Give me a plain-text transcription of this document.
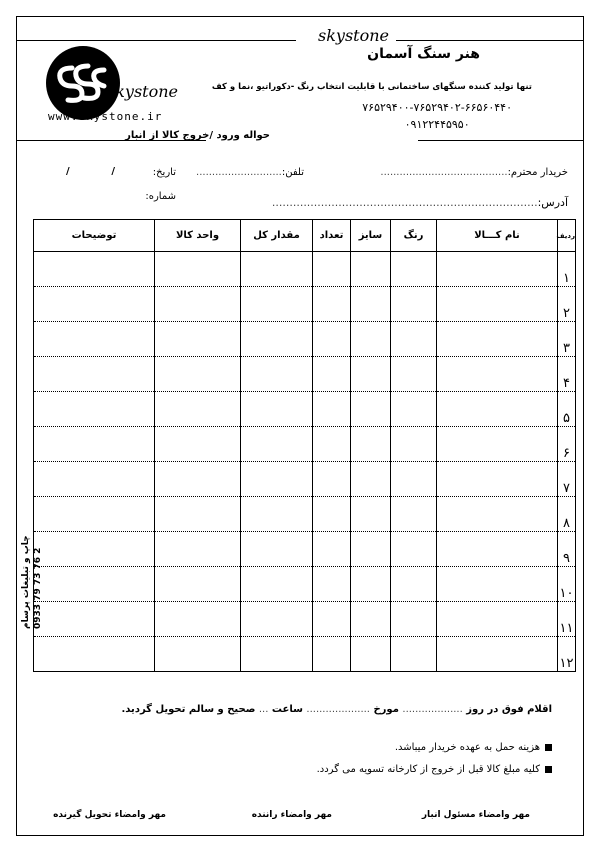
skystone
skystone
www.skystone.ir
هنر سنگ آسمان
تنها تولید کننده سنگهای ساختمانی با قابلیت انتخاب رنگ -دکوراتیو ،نما و کف
۷۶۵۲۹۴۰۰-۷۶۵۲۹۴۰۲-۶۶۵۶۰۴۴۰
۰۹۱۲۲۴۴۵۹۵۰
حواله ورود /خروج کالا از انبار
خریدار محترم:........................................
تلفن:...........................
تاریخ:
/            /
آدرس:............................................................................
شماره:
ردیف	نام کـــالا	رنگ	سایز	تعداد	مقدار کل	واحد کالا	توضیحات
۱							
۲							
۳							
۴							
۵							
۶							
۷							
۸							
۹							
۱۰							
۱۱							
۱۲							
چاپ و تبلیغات پرسام 0933 79 73 76 2
اقلام فوق در روز ................... مورخ .................... ساعت ... صحیح و سالم تحویل گردید.
هزینه حمل به عهده خریدار میباشد.
کلیه مبلغ کالا قبل از خروج از کارخانه تسویه می گردد.
مهر وامضاء مسئول انبار
مهر وامضاء راننده
مهر وامضاء تحویل گیرنده
